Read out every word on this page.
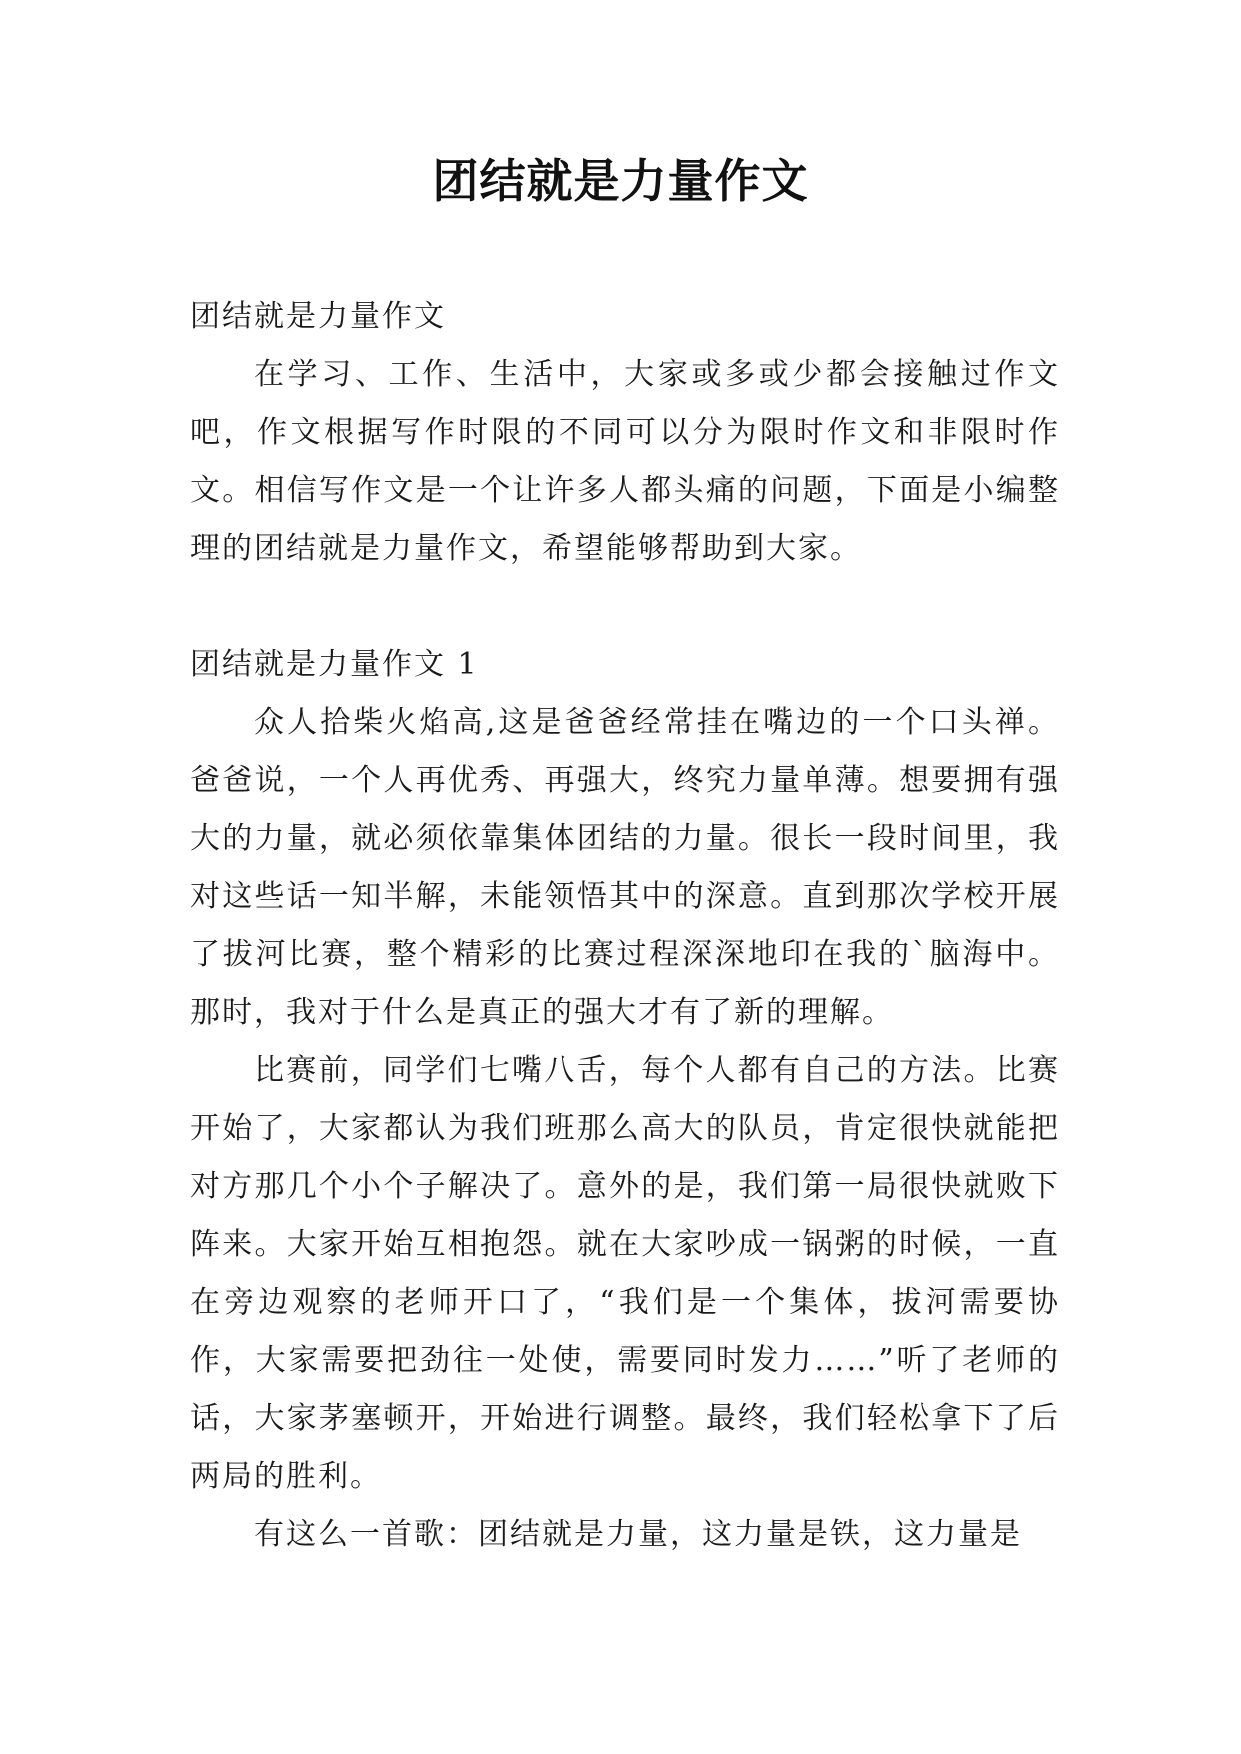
团结就是力量作文

团结就是力量作文

在学习、工作、生活中，大家或多或少都会接触过作文吧，作文根据写作时限的不同可以分为限时作文和非限时作文。相信写作文是一个让许多人都头痛的问题，下面是小编整理的团结就是力量作文，希望能够帮助到大家。

团结就是力量作文 1

众人拾柴火焰高,这是爸爸经常挂在嘴边的一个口头禅。爸爸说，一个人再优秀、再强大，终究力量单薄。想要拥有强大的力量，就必须依靠集体团结的力量。很长一段时间里，我对这些话一知半解，未能领悟其中的深意。直到那次学校开展了拔河比赛，整个精彩的比赛过程深深地印在我的`脑海中。那时，我对于什么是真正的强大才有了新的理解。

比赛前，同学们七嘴八舌，每个人都有自己的方法。比赛开始了，大家都认为我们班那么高大的队员，肯定很快就能把对方那几个小个子解决了。意外的是，我们第一局很快就败下阵来。大家开始互相抱怨。就在大家吵成一锅粥的时候，一直在旁边观察的老师开口了，“我们是一个集体，拔河需要协作，大家需要把劲往一处使，需要同时发力……”听了老师的话，大家茅塞顿开，开始进行调整。最终，我们轻松拿下了后两局的胜利。

有这么一首歌：团结就是力量，这力量是铁，这力量是
